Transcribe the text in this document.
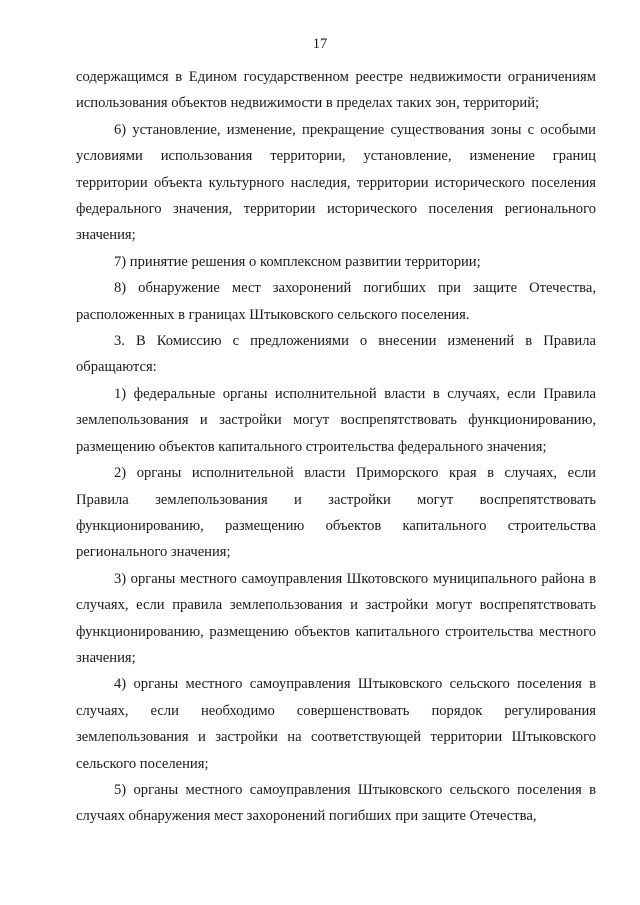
17

содержащимся в Едином государственном реестре недвижимости ограничениям использования объектов недвижимости в пределах таких зон, территорий;

6) установление, изменение, прекращение существования зоны с особыми условиями использования территории, установление, изменение границ территории объекта культурного наследия, территории исторического поселения федерального значения, территории исторического поселения регионального значения;

7) принятие решения о комплексном развитии территории;

8) обнаружение мест захоронений погибших при защите Отечества, расположенных в границах Штыковского сельского поселения.

3. В Комиссию с предложениями о внесении изменений в Правила обращаются:

1) федеральные органы исполнительной власти в случаях, если Правила землепользования и застройки могут воспрепятствовать функционированию, размещению объектов капитального строительства федерального значения;

2) органы исполнительной власти Приморского края в случаях, если Правила землепользования и застройки могут воспрепятствовать функционированию, размещению объектов капитального строительства регионального значения;

3) органы местного самоуправления Шкотовского муниципального района в случаях, если правила землепользования и застройки могут воспрепятствовать функционированию, размещению объектов капитального строительства местного значения;

4) органы местного самоуправления Штыковского сельского поселения в случаях, если необходимо совершенствовать порядок регулирования землепользования и застройки на соответствующей территории Штыковского сельского поселения;

5) органы местного самоуправления Штыковского сельского поселения в случаях обнаружения мест захоронений погибших при защите Отечества,
